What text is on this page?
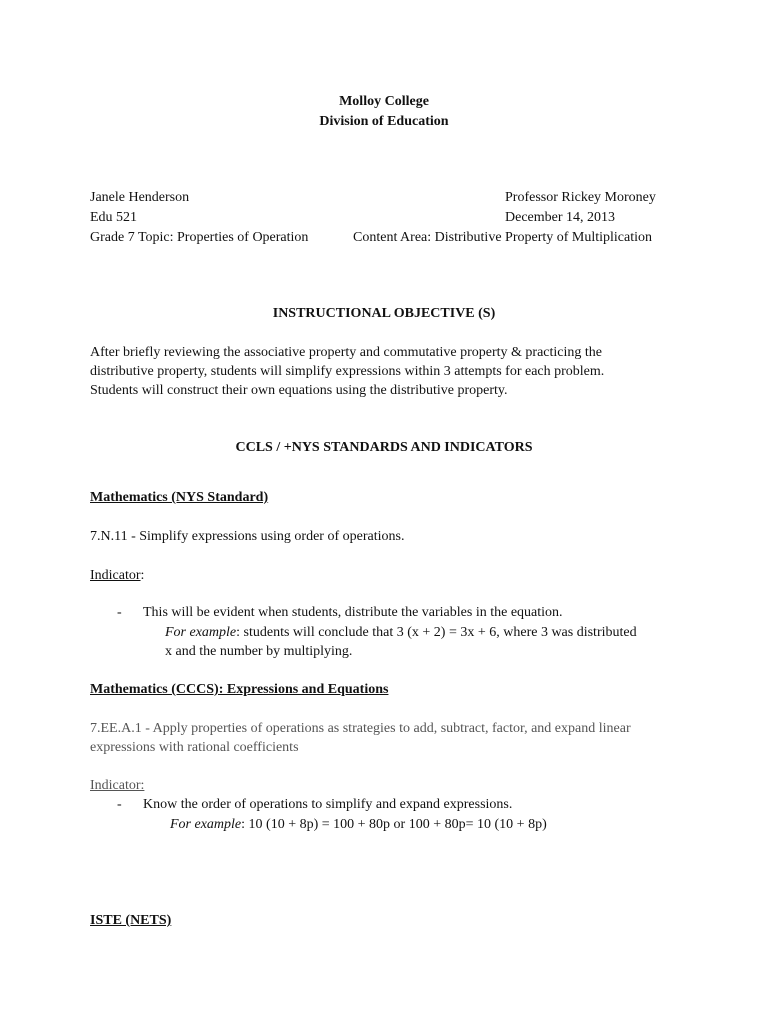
Molloy College
Division of Education
Janele Henderson
Edu 521
Grade 7 Topic: Properties of Operation
Professor Rickey Moroney
December 14, 2013
Content Area: Distributive Property of Multiplication
INSTRUCTIONAL OBJECTIVE (S)
After briefly reviewing the associative property and commutative property & practicing the
distributive property, students will simplify expressions within 3 attempts for each problem.
Students will construct their own equations using the distributive property.
CCLS / +NYS STANDARDS AND INDICATORS
Mathematics (NYS Standard)
7.N.11 - Simplify expressions using order of operations.
Indicator:
- This will be evident when students, distribute the variables in the equation.
For example: students will conclude that 3 (x + 2) = 3x + 6, where 3 was distributed
x and the number by multiplying.
Mathematics (CCCS): Expressions and Equations
7.EE.A.1 - Apply properties of operations as strategies to add, subtract, factor, and expand linear
expressions with rational coefficients
Indicator:
- Know the order of operations to simplify and expand expressions.
For example: 10 (10 + 8p) = 100 + 80p or 100 + 80p= 10 (10 + 8p)
ISTE (NETS)
